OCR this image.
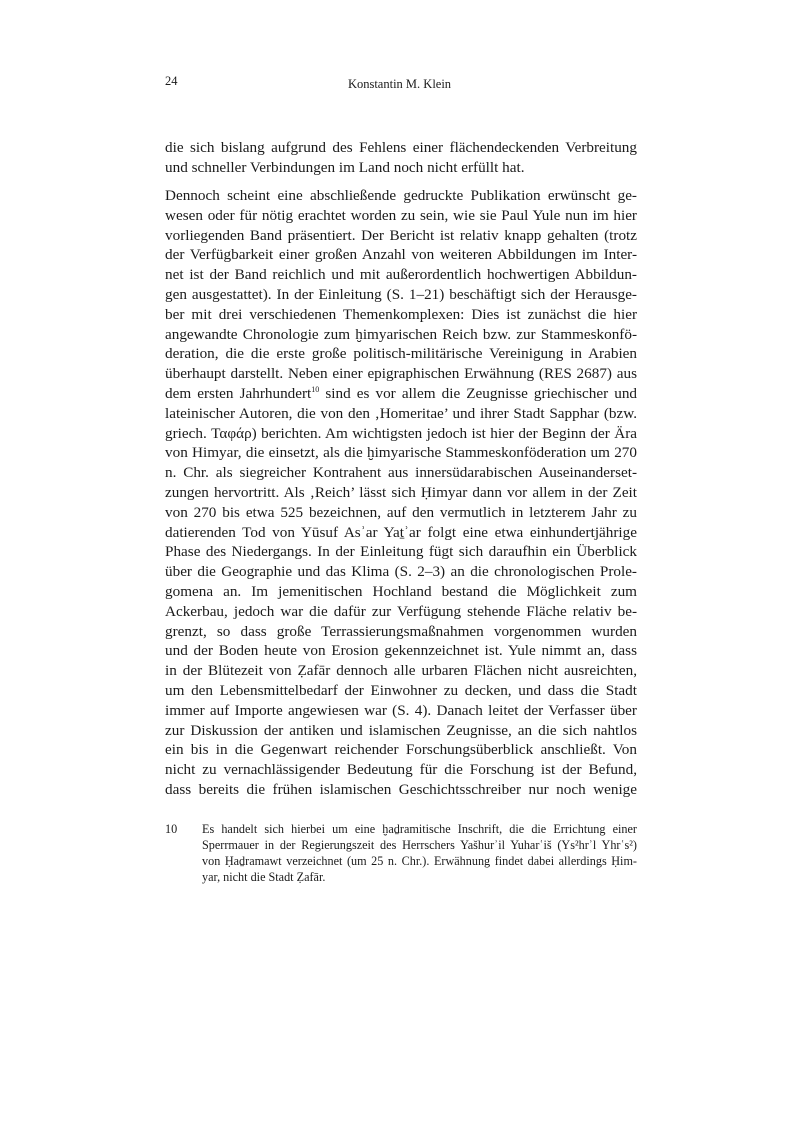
24	Konstantin M. Klein
die sich bislang aufgrund des Fehlens einer flächendeckenden Verbreitung
und schneller Verbindungen im Land noch nicht erfüllt hat.
Dennoch scheint eine abschließende gedruckte Publikation erwünscht ge-
wesen oder für nötig erachtet worden zu sein, wie sie Paul Yule nun im hier
vorliegenden Band präsentiert. Der Bericht ist relativ knapp gehalten (trotz
der Verfügbarkeit einer großen Anzahl von weiteren Abbildungen im Inter-
net ist der Band reichlich und mit außerordentlich hochwertigen Abbildun-
gen ausgestattet). In der Einleitung (S. 1–21) beschäftigt sich der Herausge-
ber mit drei verschiedenen Themenkomplexen: Dies ist zunächst die hier
angewandte Chronologie zum ḫimyarischen Reich bzw. zur Stammeskonfö-
deration, die die erste große politisch-militärische Vereinigung in Arabien
überhaupt darstellt. Neben einer epigraphischen Erwähnung (RES 2687) aus
dem ersten Jahrhundert$^{10}$ sind es vor allem die Zeugnisse griechischer und
lateinischer Autoren, die von den ‚Homeritae’ und ihrer Stadt Sapphar (bzw.
griech. Ταφάρ) berichten. Am wichtigsten jedoch ist hier der Beginn der Ära
von Himyar, die einsetzt, als die ḫimyarische Stammeskonföderation um 270
n. Chr. als siegreicher Kontrahent aus innersüdarabischen Auseinanderset-
zungen hervortritt. Als ‚Reich’ lässt sich Ḥimyar dann vor allem in der Zeit
von 270 bis etwa 525 bezeichnen, auf den vermutlich in letzterem Jahr zu
datierenden Tod von Yūsuf Asʾar Yaṯʾar folgt eine etwa einhundertjährige
Phase des Niedergangs. In der Einleitung fügt sich daraufhin ein Überblick
über die Geographie und das Klima (S. 2–3) an die chronologischen Prole-
gomena an. Im jemenitischen Hochland bestand die Möglichkeit zum
Ackerbau, jedoch war die dafür zur Verfügung stehende Fläche relativ be-
grenzt, so dass große Terrassierungsmaßnahmen vorgenommen wurden
und der Boden heute von Erosion gekennzeichnet ist. Yule nimmt an, dass
in der Blütezeit von Ẓafār dennoch alle urbaren Flächen nicht ausreichten,
um den Lebensmittelbedarf der Einwohner zu decken, und dass die Stadt
immer auf Importe angewiesen war (S. 4). Danach leitet der Verfasser über
zur Diskussion der antiken und islamischen Zeugnisse, an die sich nahtlos
ein bis in die Gegenwart reichender Forschungsüberblick anschließt. Von
nicht zu vernachlässigender Bedeutung für die Forschung ist der Befund,
dass bereits die frühen islamischen Geschichtsschreiber nur noch wenige
10 Es handelt sich hierbei um eine ḫaḏramitische Inschrift, die die Errichtung einer
Sperrmauer in der Regierungszeit des Herrschers Yašhurʾil Yuharʿiš (Ys²hrʾl Yhrʿs²)
von Ḥaḏramawt verzeichnet (um 25 n. Chr.). Erwähnung findet dabei allerdings Ḥim-
yar, nicht die Stadt Ẓafār.
